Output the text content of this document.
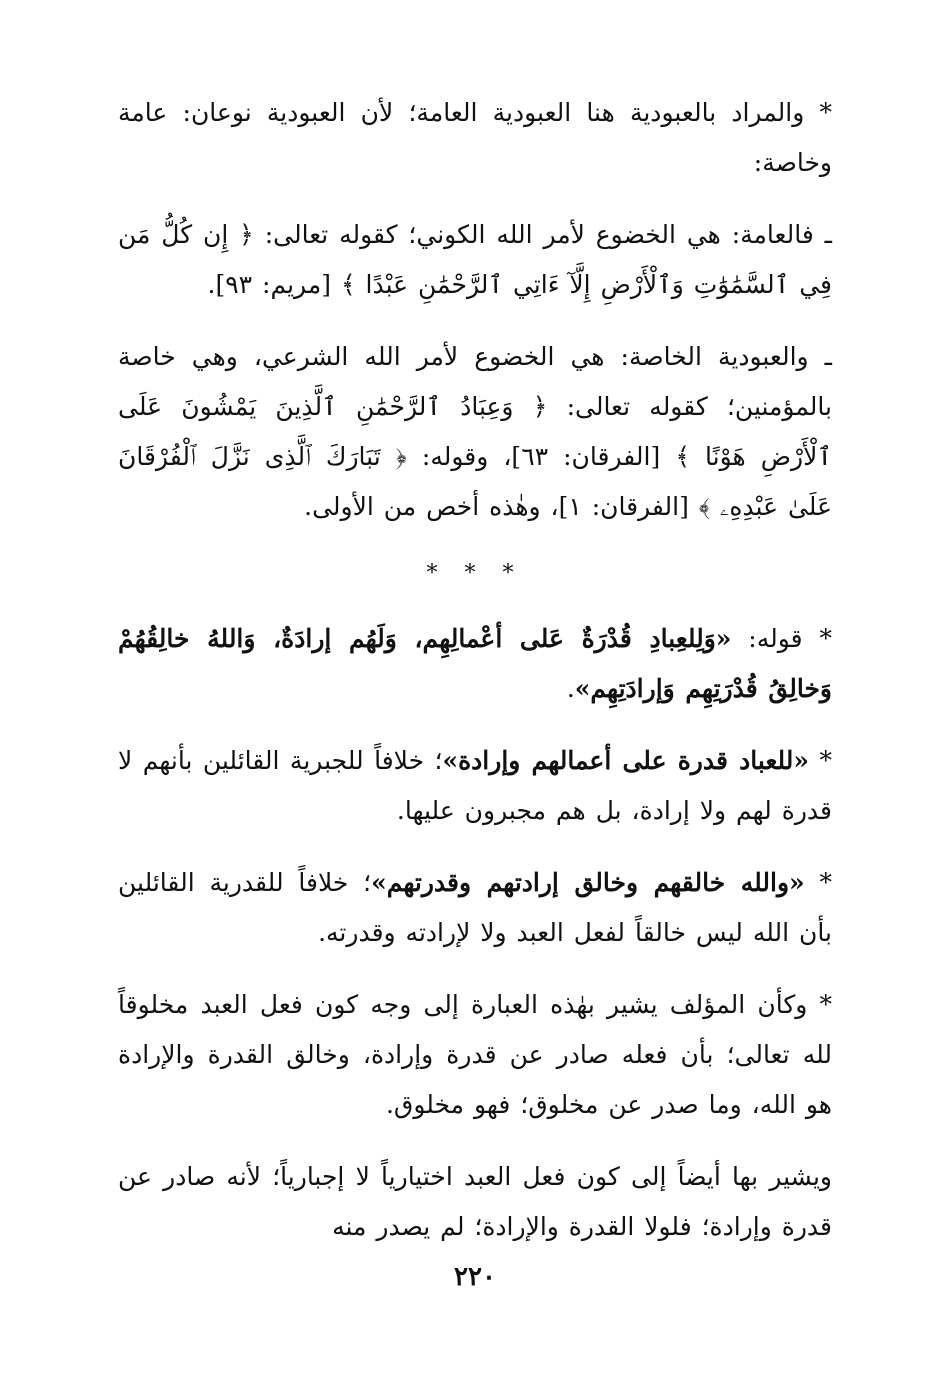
* والمراد بالعبودية هنا العبودية العامة؛ لأن العبودية نوعان: عامة وخاصة:

ـ فالعامة: هي الخضوع لأمر الله الكوني؛ كقوله تعالى: ﴿ إِن كُلُّ مَن فِي ٱلسَّمَٰوَٰتِ وَٱلْأَرْضِ إِلَّآ ءَاتِي ٱلرَّحْمَٰنِ عَبْدًا ﴾ [مريم: ٩٣].

ـ والعبودية الخاصة: هي الخضوع لأمر الله الشرعي، وهي خاصة بالمؤمنين؛ كقوله تعالى: ﴿ وَعِبَادُ ٱلرَّحْمَٰنِ ٱلَّذِينَ يَمْشُونَ عَلَى ٱلْأَرْضِ هَوْنًا ﴾ [الفرقان: ٦٣]، وقوله: ﴿ تَبَارَكَ ٱلَّذِى نَزَّلَ ٱلْفُرْقَانَ عَلَىٰ عَبْدِهِۦ ﴾ [الفرقان: ١]، وهٰذه أخص من الأولى.

* * *

* قوله: «وَلِلعِبادِ قُدْرَةٌ عَلى أعْمالِهِم، وَلَهُم إرادَةٌ، وَاللهُ خالِقُهُمْ وَخالِقُ قُدْرَتِهِم وَإرادَتِهِم».

* «للعباد قدرة على أعمالهم وإرادة»؛ خلافاً للجبرية القائلين بأنهم لا قدرة لهم ولا إرادة، بل هم مجبرون عليها.

* «والله خالقهم وخالق إرادتهم وقدرتهم»؛ خلافاً للقدرية القائلين بأن الله ليس خالقاً لفعل العبد ولا لإرادته وقدرته.

* وكأن المؤلف يشير بهٰذه العبارة إلى وجه كون فعل العبد مخلوقاً لله تعالى؛ بأن فعله صادر عن قدرة وإرادة، وخالق القدرة والإرادة هو الله، وما صدر عن مخلوق؛ فهو مخلوق.

ويشير بها أيضاً إلى كون فعل العبد اختيارياً لا إجبارياً؛ لأنه صادر عن قدرة وإرادة؛ فلولا القدرة والإرادة؛ لم يصدر منه

٢٢٠
